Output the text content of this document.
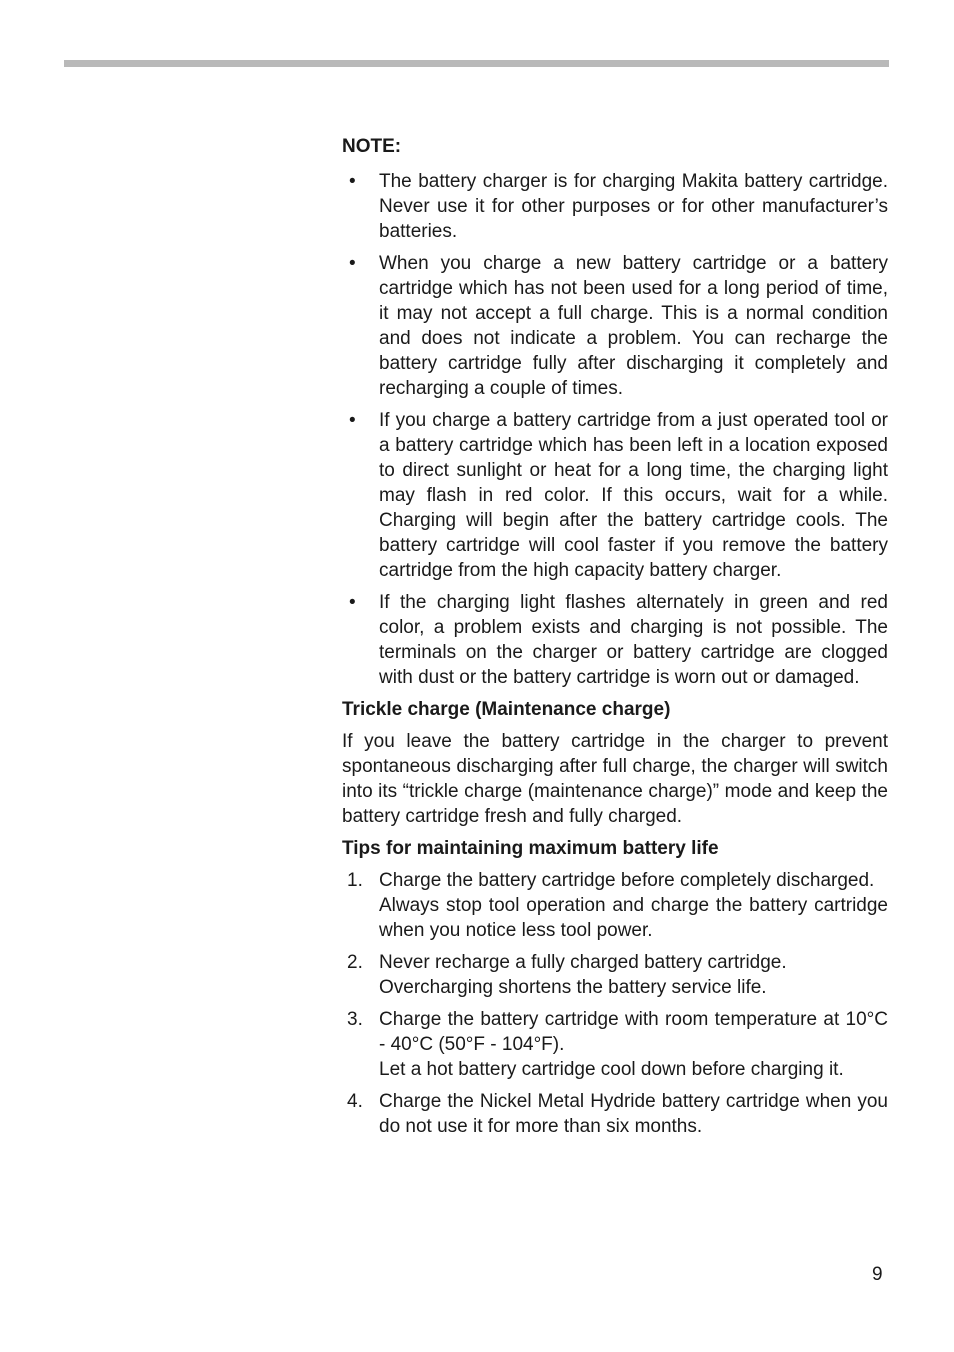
NOTE:
•	The battery charger is for charging Makita battery cartridge. Never use it for other purposes or for other manufacturer’s batteries.
•	When you charge a new battery cartridge or a battery cartridge which has not been used for a long period of time, it may not accept a full charge. This is a normal condition and does not indicate a problem. You can recharge the battery cartridge fully after discharging it completely and recharging a couple of times.
•	If you charge a battery cartridge from a just operated tool or a battery cartridge which has been left in a location exposed to direct sunlight or heat for a long time, the charging light may flash in red color. If this occurs, wait for a while. Charging will begin after the battery cartridge cools. The battery cartridge will cool faster if you remove the battery cartridge from the high capacity battery charger.
•	If the charging light flashes alternately in green and red color, a problem exists and charging is not possible. The terminals on the charger or battery cartridge are clogged with dust or the battery cartridge is worn out or damaged.
Trickle charge (Maintenance charge)

If you leave the battery cartridge in the charger to prevent spontaneous discharging after full charge, the charger will switch into its “trickle charge (maintenance charge)” mode and keep the battery cartridge fresh and fully charged.

Tips for maintaining maximum battery life
1. Charge the battery cartridge before completely discharged.
Always stop tool operation and charge the battery cartridge when you notice less tool power.
2. Never recharge a fully charged battery cartridge.
Overcharging shortens the battery service life.
3. Charge the battery cartridge with room temperature at 10°C - 40°C (50°F - 104°F).
Let a hot battery cartridge cool down before charging it.
4. Charge the Nickel Metal Hydride battery cartridge when you do not use it for more than six months.
9
